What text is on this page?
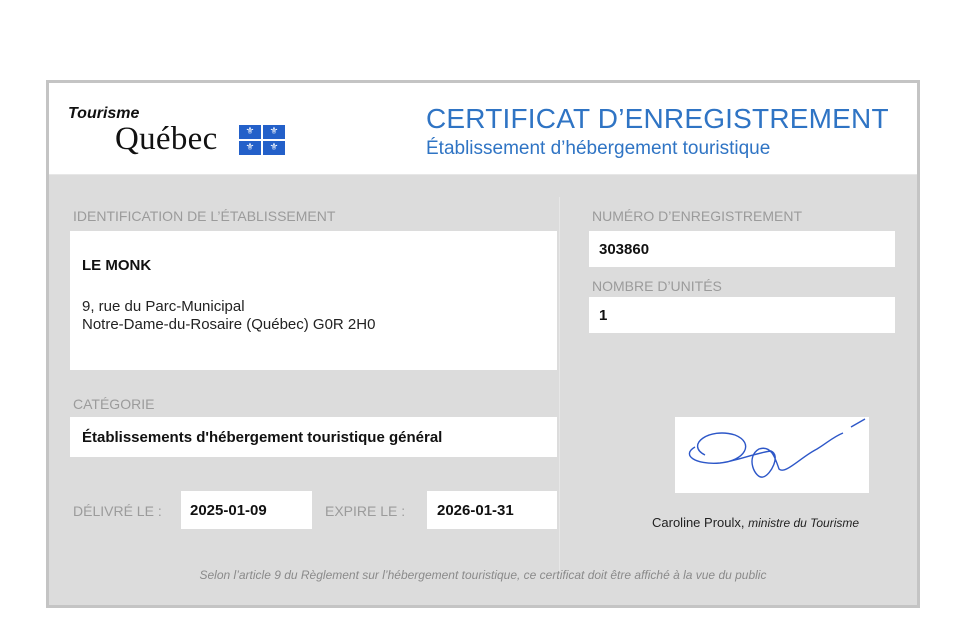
Tourisme
Québec	⚜	⚜
⚜	⚜
CERTIFICAT D’ENREGISTREMENT
Établissement d’hébergement touristique
IDENTIFICATION DE L’ÉTABLISSEMENT
LE MONK
9, rue du Parc-Municipal
Notre-Dame-du-Rosaire (Québec) G0R 2H0
NUMÉRO D’ENREGISTREMENT
303860
NOMBRE D’UNITÉS
1
CATÉGORIE
Établissements d'hébergement touristique général
DÉLIVRÉ LE : 2025-01-09	EXPIRE LE : 2026-01-31
Caroline Proulx, ministre du Tourisme
Selon l’article 9 du Règlement sur l’hébergement touristique, ce certificat doit être affiché à la vue du public
